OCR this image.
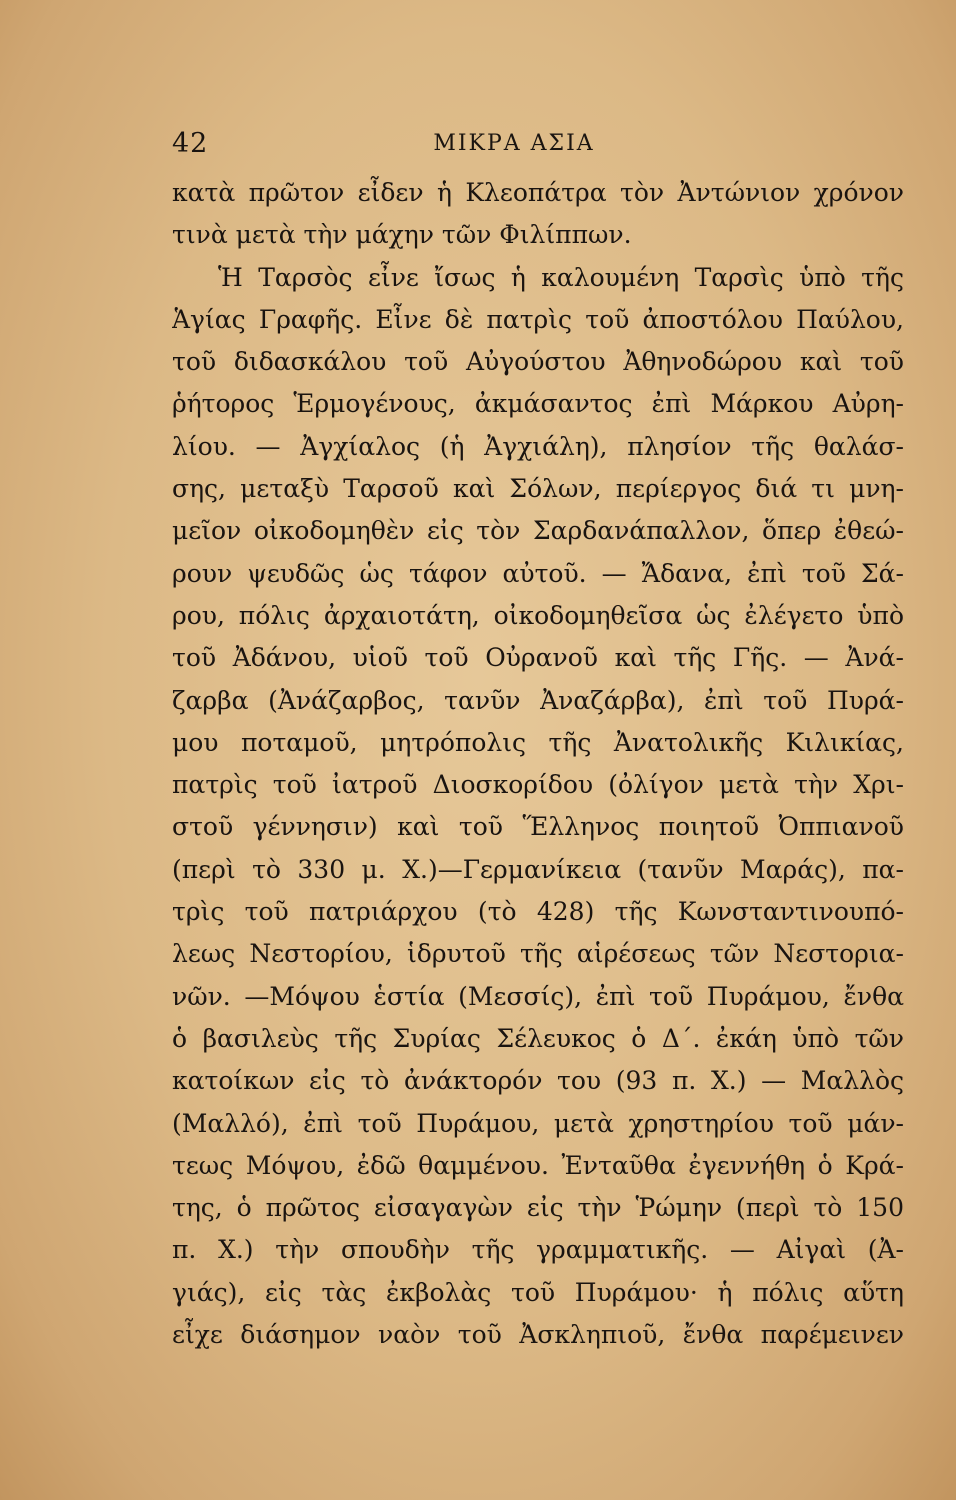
42	ΜΙΚΡΑ ΑΣΙΑ
κατὰ πρῶτον εἶδεν ἡ Κλεοπάτρα τὸν Ἀντώνιον χρόνον
τινὰ μετὰ τὴν μάχην τῶν Φιλίππων.
Ἡ Ταρσὸς εἶνε ἴσως ἡ καλουμένη Ταρσὶς ὑπὸ τῆς
Ἁγίας Γραφῆς. Εἶνε δὲ πατρὶς τοῦ ἀποστόλου Παύλου,
τοῦ διδασκάλου τοῦ Αὐγούστου Ἀθηνοδώρου καὶ τοῦ
ῥήτορος Ἑρμογένους, ἀκμάσαντος ἐπὶ Μάρκου Αὐρη-
λίου. — Ἀγχίαλος (ἡ Ἀγχιάλη), πλησίον τῆς θαλάσ-
σης, μεταξὺ Ταρσοῦ καὶ Σόλων, περίεργος διά τι μνη-
μεῖον οἰκοδομηθὲν εἰς τὸν Σαρδανάπαλλον, ὅπερ ἐθεώ-
ρουν ψευδῶς ὡς τάφον αὐτοῦ. — Ἄδανα, ἐπὶ τοῦ Σά-
ρου, πόλις ἀρχαιοτάτη, οἰκοδομηθεῖσα ὡς ἐλέγετο ὑπὸ
τοῦ Ἀδάνου, υἱοῦ τοῦ Οὐρανοῦ καὶ τῆς Γῆς. — Ἀνά-
ζαρβα (Ἀνάζαρβος, τανῦν Ἀναζάρβα), ἐπὶ τοῦ Πυρά-
μου ποταμοῦ, μητρόπολις τῆς Ἀνατολικῆς Κιλικίας,
πατρὶς τοῦ ἰατροῦ Διοσκορίδου (ὀλίγον μετὰ τὴν Χρι-
στοῦ γέννησιν) καὶ τοῦ Ἕλληνος ποιητοῦ Ὀππιανοῦ
(περὶ τὸ 330 μ. Χ.)—Γερμανίκεια (τανῦν Μαράς), πα-
τρὶς τοῦ πατριάρχου (τὸ 428) τῆς Κωνσταντινουπό-
λεως Νεστορίου, ἱδρυτοῦ τῆς αἱρέσεως τῶν Νεστορια-
νῶν. —Μόψου ἑστία (Μεσσίς), ἐπὶ τοῦ Πυράμου, ἔνθα
ὁ βασιλεὺς τῆς Συρίας Σέλευκος ὁ Δ΄. ἐκάη ὑπὸ τῶν
κατοίκων εἰς τὸ ἀνάκτορόν του (93 π. Χ.) — Μαλλὸς
(Μαλλό), ἐπὶ τοῦ Πυράμου, μετὰ χρηστηρίου τοῦ μάν-
τεως Μόψου, ἐδῶ θαμμένου. Ἐνταῦθα ἐγεννήθη ὁ Κρά-
της, ὁ πρῶτος εἰσαγαγὼν εἰς τὴν Ῥώμην (περὶ τὸ 150
π. Χ.) τὴν σπουδὴν τῆς γραμματικῆς. — Αἰγαὶ (Ἀ-
γιάς), εἰς τὰς ἐκβολὰς τοῦ Πυράμου· ἡ πόλις αὕτη
εἶχε διάσημον ναὸν τοῦ Ἀσκληπιοῦ, ἔνθα παρέμεινεν
